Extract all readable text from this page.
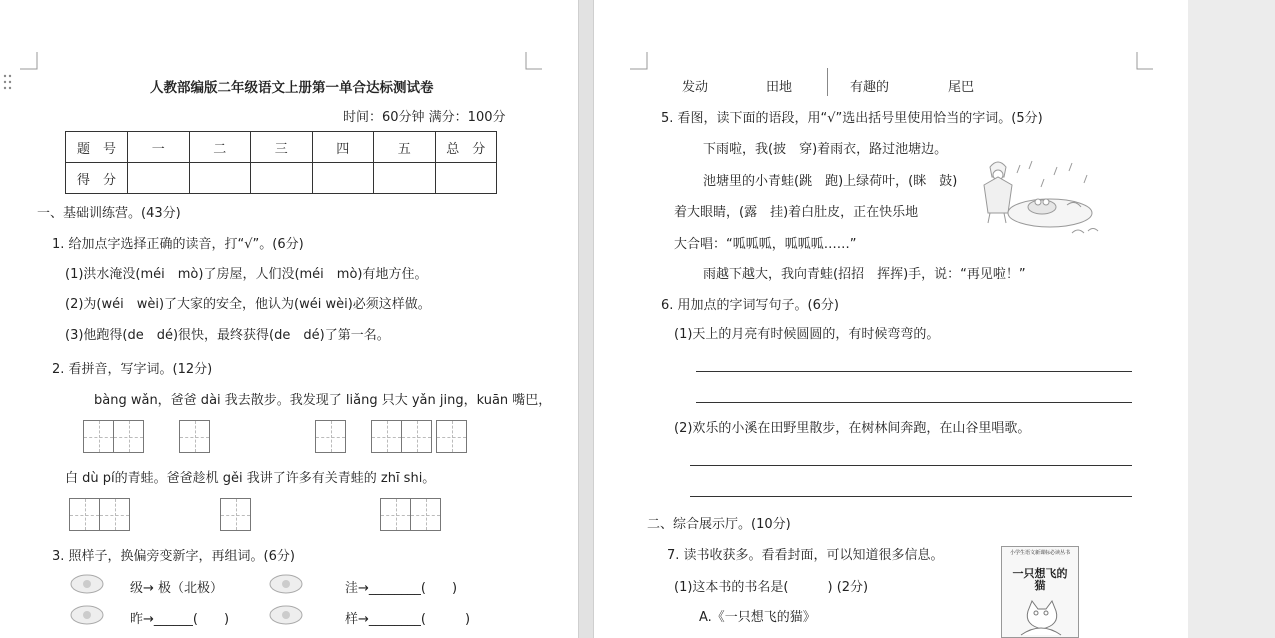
人教部编版二年级语文上册第一单合达标测试卷
时间：60分钟 满分：100分
题　号	一	二	三	四	五	总　分
得　分						
一、基础训练营。(43分)
1. 给加点字选择正确的读音，打“√”。(6分)
(1)洪水淹没(méi　mò)了房屋，人们没(méi　mò)有地方住。
(2)为(wéi　wèi)了大家的安全，他认为(wéi wèi)必须这样做。
(3)他跑得(de　dé)很快，最终获得(de　dé)了第一名。
2. 看拼音，写字词。(12分)
bàng wǎn，爸爸 dài 我去散步。我发现了 liǎng 只大 yǎn jing，kuān 嘴巴，
白 dù pí的青蛙。爸爸趁机 gěi 我讲了许多有关青蛙的 zhī shi。
3. 照样子，换偏旁变新字，再组词。(6分)
级→ 极（北极）	洼→________(　　)
昨→______(　　)	样→________(　　　)
发动	田地	有趣的	尾巴
5. 看图，读下面的语段，用“√”选出括号里使用恰当的字词。(5分)
下雨啦，我(披　穿)着雨衣，路过池塘边。
池塘里的小青蛙(跳　跑)上绿荷叶，(眯　鼓)
着大眼睛，(露　挂)着白肚皮，正在快乐地
大合唱：“呱呱呱，呱呱呱……”
雨越下越大，我向青蛙(招招　挥挥)手，说：“再见啦！”
6. 用加点的字词写句子。(6分)
(1)天上的月亮有时候圆圆的，有时候弯弯的。
(2)欢乐的小溪在田野里散步，在树林间奔跑，在山谷里唱歌。
二、综合展示厅。(10分)
7. 读书收获多。看看封面，可以知道很多信息。
(1)这本书的书名是(　　　) (2分)
A.《一只想飞的猫》
小学生语文新课标必读丛书
一只想飞的猫
